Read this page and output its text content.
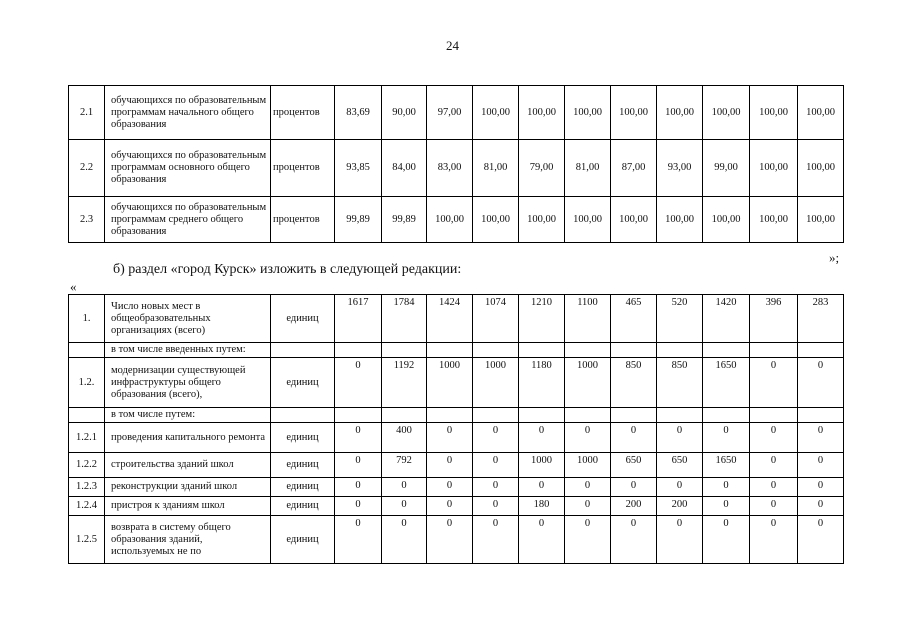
24
2.1	обучающихся по образовательным программам начального общего образования	процентов	83,69	90,00	97,00	100,00	100,00	100,00	100,00	100,00	100,00	100,00	100,00
2.2	обучающихся по образовательным программам основного общего образования	процентов	93,85	84,00	83,00	81,00	79,00	81,00	87,00	93,00	99,00	100,00	100,00
2.3	обучающихся по образовательным программам среднего общего образования	процентов	99,89	99,89	100,00	100,00	100,00	100,00	100,00	100,00	100,00	100,00	100,00
»;
б) раздел «город Курск» изложить в следующей редакции:
«
1.	Число новых мест в общеобразовательных организациях (всего)	единиц	1617	1784	1424	1074	1210	1100	465	520	1420	396	283
	в том числе введенных путем:												
1.2.	модернизации существующей инфраструктуры общего образования (всего),	единиц	0	1192	1000	1000	1180	1000	850	850	1650	0	0
	в том числе путем:												
1.2.1	проведения капитального ремонта	единиц	0	400	0	0	0	0	0	0	0	0	0
1.2.2	строительства зданий школ	единиц	0	792	0	0	1000	1000	650	650	1650	0	0
1.2.3	реконструкции зданий школ	единиц	0	0	0	0	0	0	0	0	0	0	0
1.2.4	пристроя к зданиям школ	единиц	0	0	0	0	180	0	200	200	0	0	0
1.2.5	возврата в систему общего образования зданий, используемых не по	единиц	0	0	0	0	0	0	0	0	0	0	0
